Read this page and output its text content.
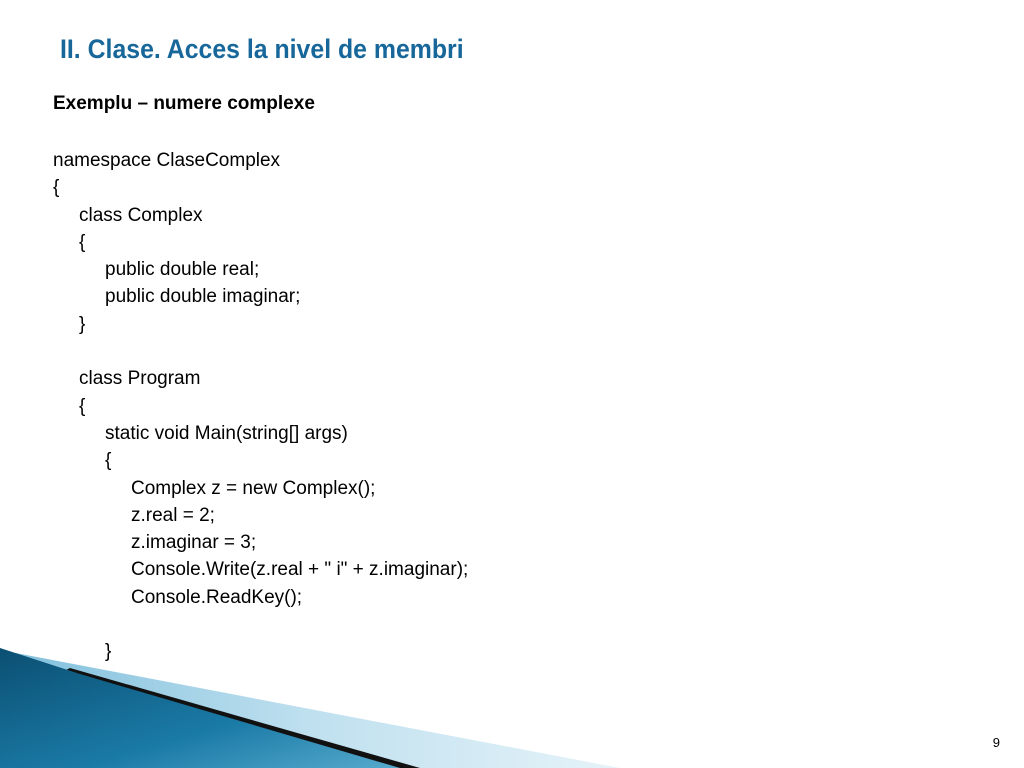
II. Clase. Acces la nivel de membri

Exemplu – numere complexe

namespace ClaseComplex
{
class Complex
{
public double real;
public double imaginar;
}
class Program
{
static void Main(string[] args)
{
Complex z = new Complex();
z.real = 2;
z.imaginar = 3;
Console.Write(z.real + " i" + z.imaginar);
Console.ReadKey();
}
9
